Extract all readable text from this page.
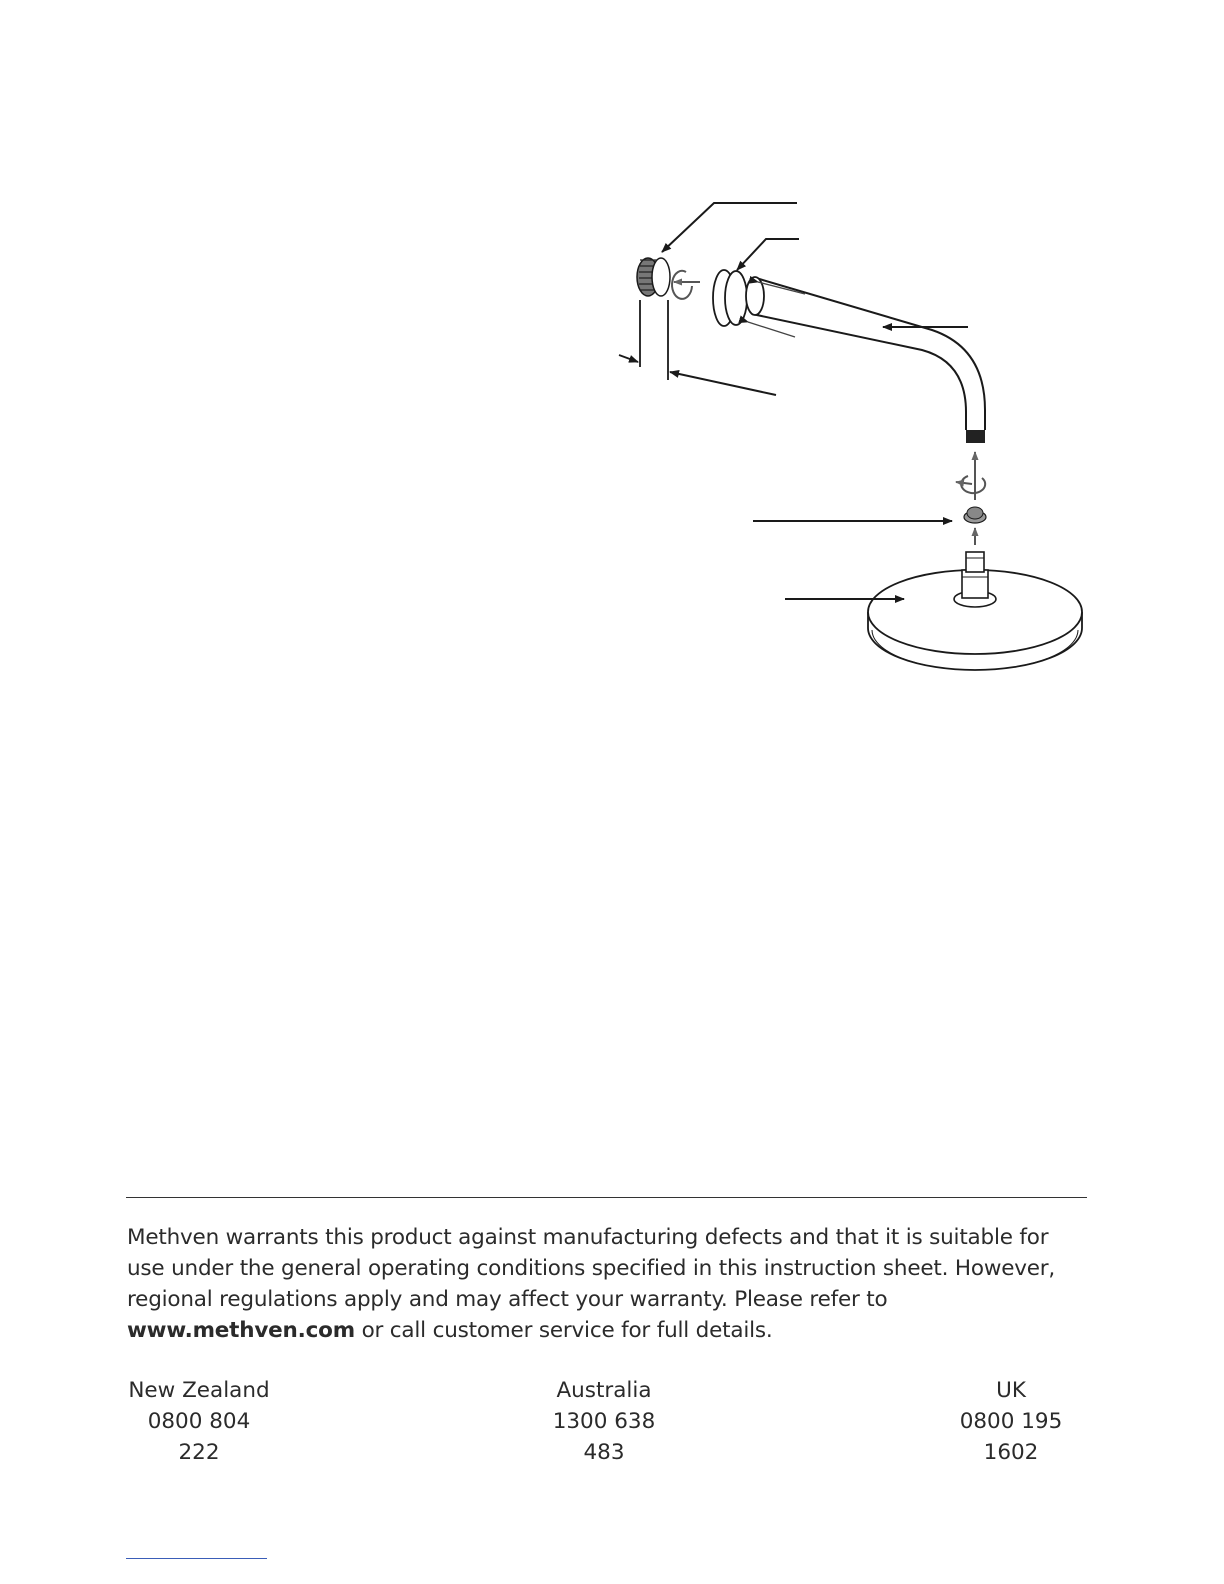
Methven warrants this product against manufacturing defects and that it is suitable for use under the general operating conditions specified in this instruction sheet. However, regional regulations apply and may affect your warranty. Please refer to www.methven.com or call customer service for full details.

New Zealand
0800 804 222
Australia
1300 638 483
UK
0800 195 1602
